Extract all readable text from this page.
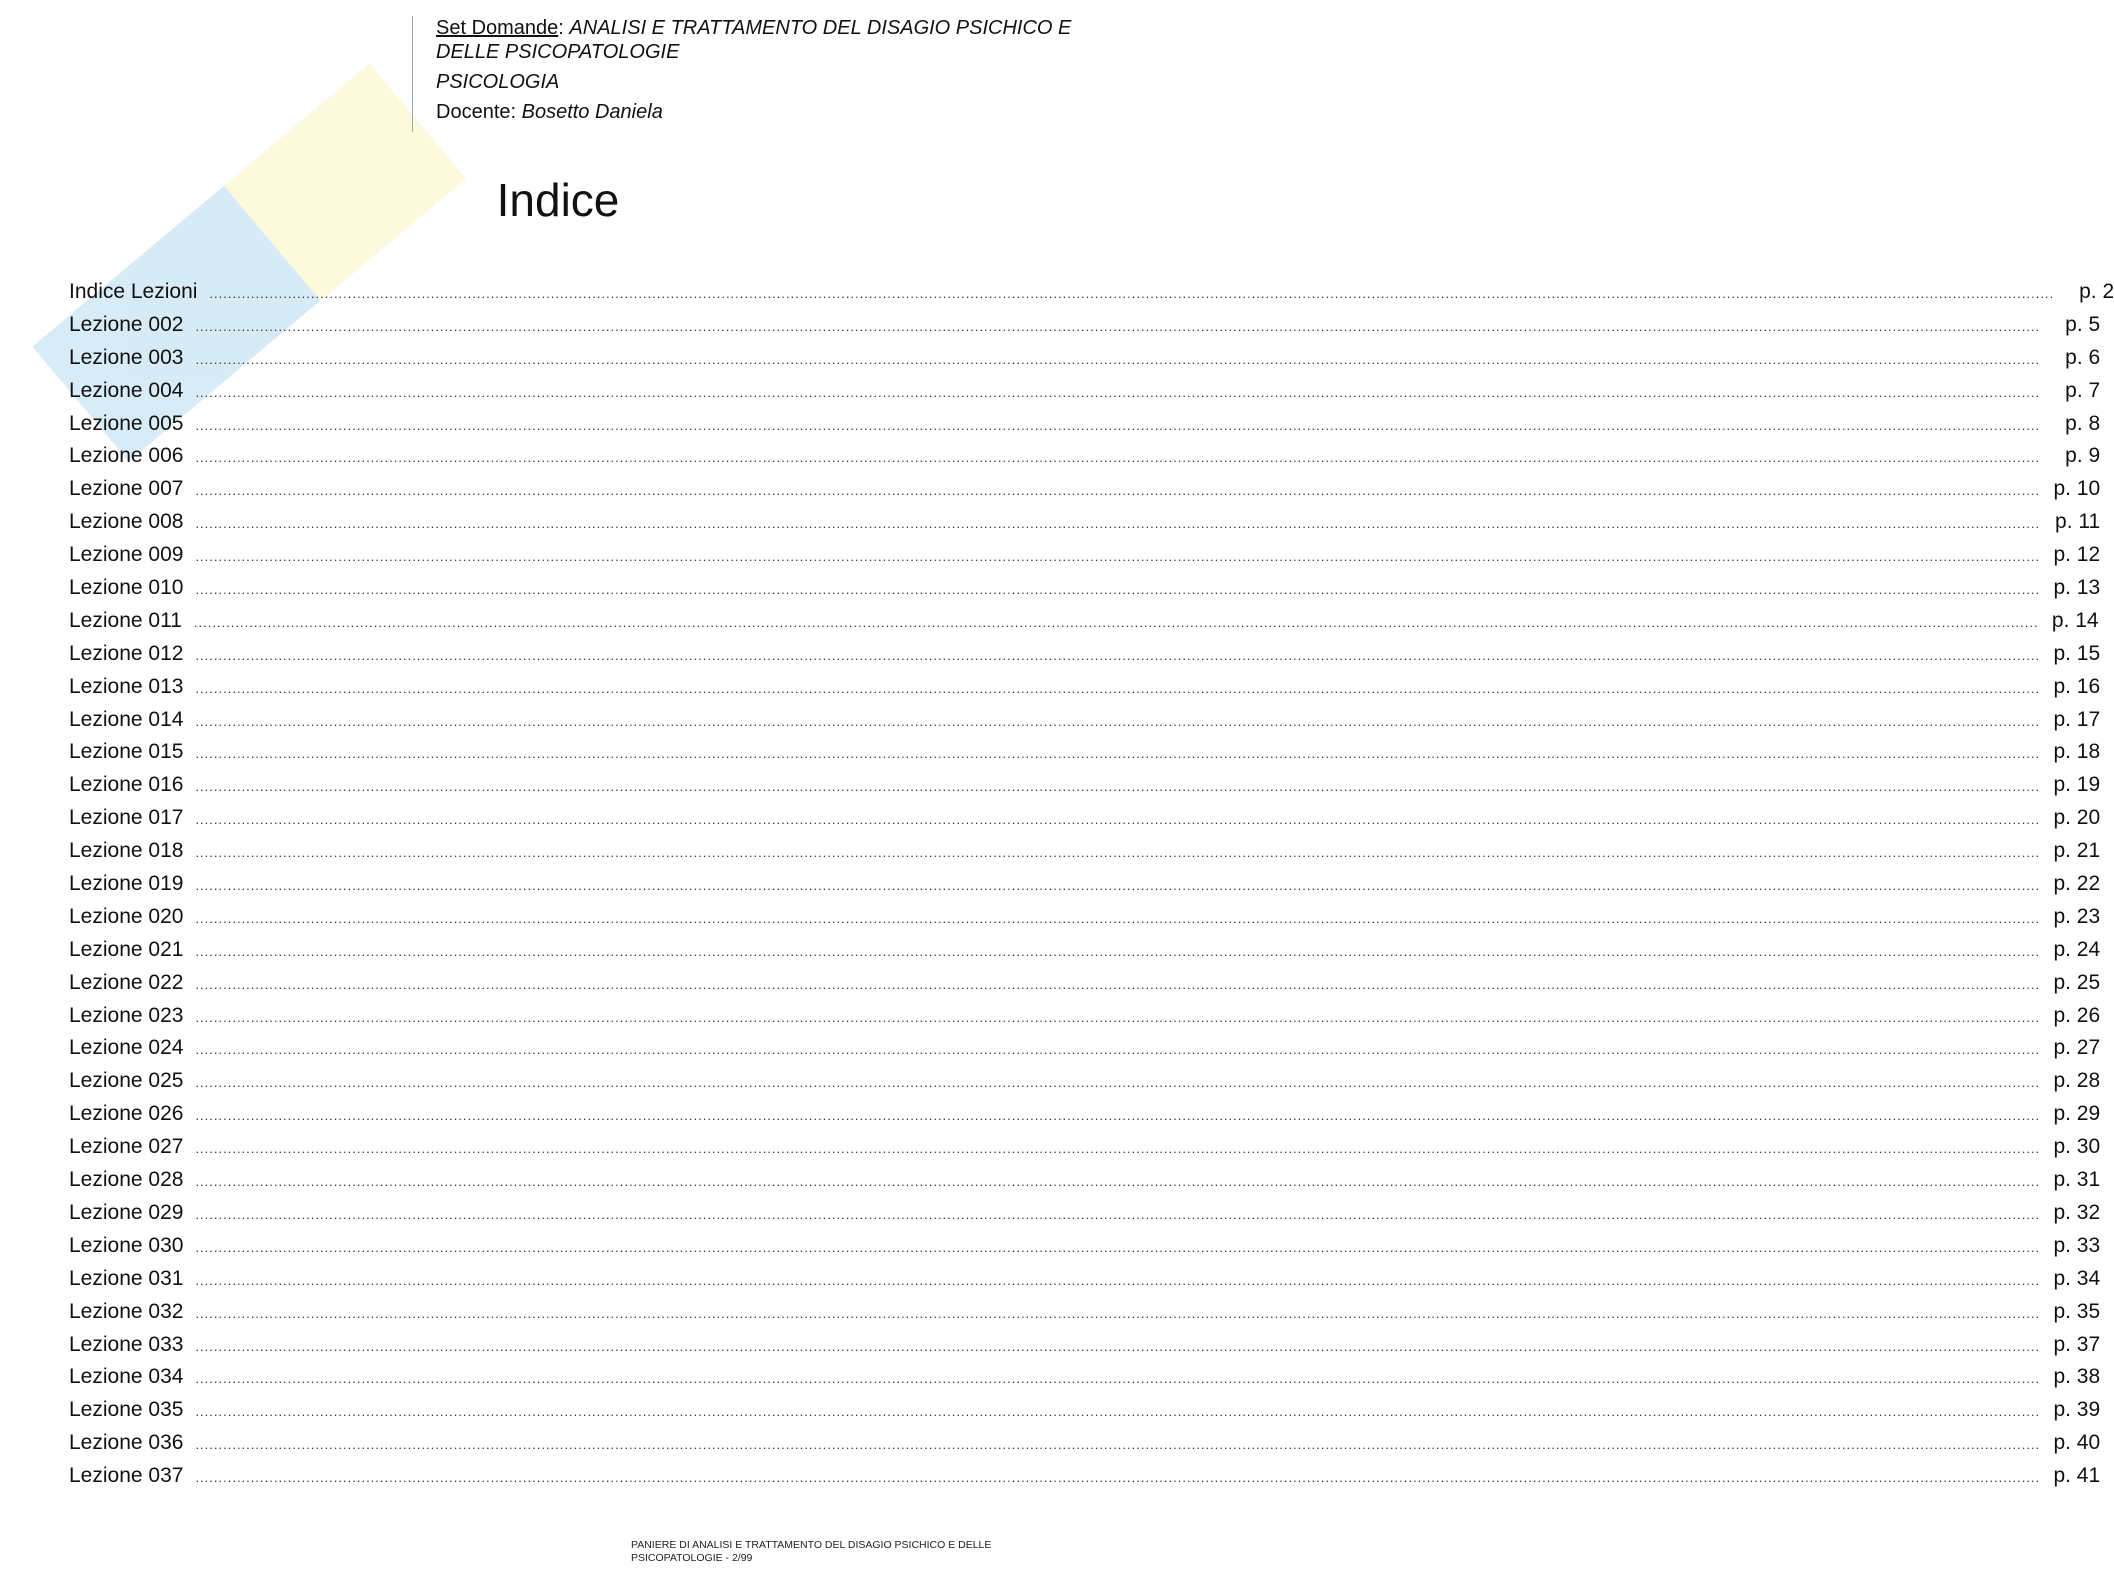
Set Domande: ANALISI E TRATTAMENTO DEL DISAGIO PSICHICO E
DELLE PSICOPATOLOGIE
PSICOLOGIA
Docente: Bosetto Daniela
Indice
Indice Lezioni ................................................................................................................................................................................................................................................................................................................................................................................................................	p. 2
Lezione 002 ................................................................................................................................................................................................................................................................................................................................................................................................................	p. 5
Lezione 003 ................................................................................................................................................................................................................................................................................................................................................................................................................	p. 6
Lezione 004 ................................................................................................................................................................................................................................................................................................................................................................................................................	p. 7
Lezione 005 ................................................................................................................................................................................................................................................................................................................................................................................................................	p. 8
Lezione 006 ................................................................................................................................................................................................................................................................................................................................................................................................................	p. 9
Lezione 007 ................................................................................................................................................................................................................................................................................................................................................................................................................ p. 10
Lezione 008 ................................................................................................................................................................................................................................................................................................................................................................................................................ p. 11
Lezione 009 ................................................................................................................................................................................................................................................................................................................................................................................................................ p. 12
Lezione 010 ................................................................................................................................................................................................................................................................................................................................................................................................................ p. 13
Lezione 011 ................................................................................................................................................................................................................................................................................................................................................................................................................ p. 14
Lezione 012 ................................................................................................................................................................................................................................................................................................................................................................................................................ p. 15
Lezione 013 ................................................................................................................................................................................................................................................................................................................................................................................................................ p. 16
Lezione 014 ................................................................................................................................................................................................................................................................................................................................................................................................................ p. 17
Lezione 015 ................................................................................................................................................................................................................................................................................................................................................................................................................ p. 18
Lezione 016 ................................................................................................................................................................................................................................................................................................................................................................................................................ p. 19
Lezione 017 ................................................................................................................................................................................................................................................................................................................................................................................................................ p. 20
Lezione 018 ................................................................................................................................................................................................................................................................................................................................................................................................................ p. 21
Lezione 019 ................................................................................................................................................................................................................................................................................................................................................................................................................ p. 22
Lezione 020 ................................................................................................................................................................................................................................................................................................................................................................................................................ p. 23
Lezione 021 ................................................................................................................................................................................................................................................................................................................................................................................................................ p. 24
Lezione 022 ................................................................................................................................................................................................................................................................................................................................................................................................................ p. 25
Lezione 023 ................................................................................................................................................................................................................................................................................................................................................................................................................ p. 26
Lezione 024 ................................................................................................................................................................................................................................................................................................................................................................................................................ p. 27
Lezione 025 ................................................................................................................................................................................................................................................................................................................................................................................................................ p. 28
Lezione 026 ................................................................................................................................................................................................................................................................................................................................................................................................................ p. 29
Lezione 027 ................................................................................................................................................................................................................................................................................................................................................................................................................ p. 30
Lezione 028 ................................................................................................................................................................................................................................................................................................................................................................................................................ p. 31
Lezione 029 ................................................................................................................................................................................................................................................................................................................................................................................................................ p. 32
Lezione 030 ................................................................................................................................................................................................................................................................................................................................................................................................................ p. 33
Lezione 031 ................................................................................................................................................................................................................................................................................................................................................................................................................ p. 34
Lezione 032 ................................................................................................................................................................................................................................................................................................................................................................................................................ p. 35
Lezione 033 ................................................................................................................................................................................................................................................................................................................................................................................................................ p. 37
Lezione 034 ................................................................................................................................................................................................................................................................................................................................................................................................................ p. 38
Lezione 035 ................................................................................................................................................................................................................................................................................................................................................................................................................ p. 39
Lezione 036 ................................................................................................................................................................................................................................................................................................................................................................................................................ p. 40
Lezione 037 ................................................................................................................................................................................................................................................................................................................................................................................................................ p. 41
PANIERE DI ANALISI E TRATTAMENTO DEL DISAGIO PSICHICO E DELLE
PSICOPATOLOGIE - 2/99
